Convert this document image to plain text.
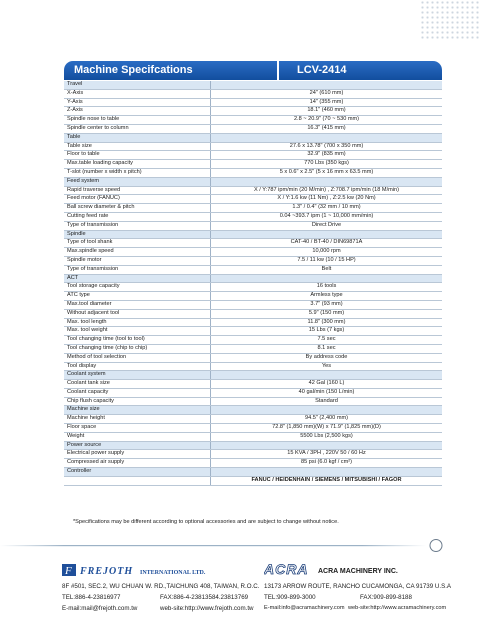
Machine Specifcations	LCV-2414
Travel	
X-Axis	24" (610 mm)
Y-Axis	14" (355 mm)
Z-Axis	18.1" (460 mm)
Spindle nose to table	2.8 ~ 20.9" (70 ~ 530 mm)
Spindle center to column	16.3" (415 mm)
Table	
Table size	27.6 x 13.78" (700 x 350 mm)
Floor to table	32.9" (835 mm)
Max.table loading capacity	770 Lbs (350 kgs)
T-slot (number x width x pitch)	5 x 0.6" x 2.5" (5 x 16 mm x 63.5 mm)
Feed system	
Rapid traverse speed	X / Y:787 ipm/min (20 M/min) , Z:708.7 ipm/min (18 M/min)
Feed motor (FANUC)	X / Y:1.6 kw (11 Nm) , Z:2.5 kw (20 Nm)
Ball screw diameter & pitch	1.3" / 0.4" (32 mm / 10 mm)
Cutting feed rate	0.04 ~393.7 ipm (1 ~ 10,000 mm/min)
Type of transmission	Direct Drive
Spindle	
Type of tool shank	CAT-40 / BT-40 / DIN69871A
Max.spindle speed	10,000 rpm
Spindle motor	7.5 / 11 kw (10 / 15 HP)
Type of transmission	Belt
ACT	
Tool storage capacity	16 tools
ATC type	Armless type
Max.tool diameter	3.7" (93 mm)
Without adjacent tool	5.9" (150 mm)
Max. tool length	11.8" (300 mm)
Max. tool weight	15 Lbs (7 kgs)
Tool changing time (tool to tool)	7.5 sec
Tool changing time (chip to chip)	8.1 sec
Method of tool selection	By address code
Tool display	Yes
Coolant system	
Coolant tank size	42 Gal (160 L)
Coolant capacity	40 gal/min (150 L/min)
Chip flush capacity	Standard
Machine size	
Machine height	94.5" (2,400 mm)
Floor space	72.8" (1,850 mm)(W) x 71.9" (1,825 mm)(D)
Weight	5500 Lbs (2,500 kgs)
Power source	
Electrical power supply	15 KVA / 3PH , 220V 50 / 60 Hz
Compressed air supply	85 psi (6.0 kgf / cm²)
Controller	
	FANUC / HEIDENHAIN / SIEMENS / MITSUBISHI / FAGOR
*Specifications may be different according to optional accessories and are subject to change without notice.
F FREJOTH INTERNATIONAL LTD.
8F #501, SEC.2, WU CHUAN W. RD.,TAICHUNG 408, TAIWAN, R.O.C.
TEL:886-4-23816977	FAX:886-4-23813584.23813769
E-mail:mail@frejoth.com.tw	web-site:http://www.frejoth.com.tw
ACRA ACRA MACHINERY INC.
13173 ARROW ROUTE, RANCHO CUCAMONGA, CA 91739 U.S.A
TEL:909-899-3000	FAX:909-899-8188
E-mail:info@acramachinery.com web-site:http://www.acramachinery.com
